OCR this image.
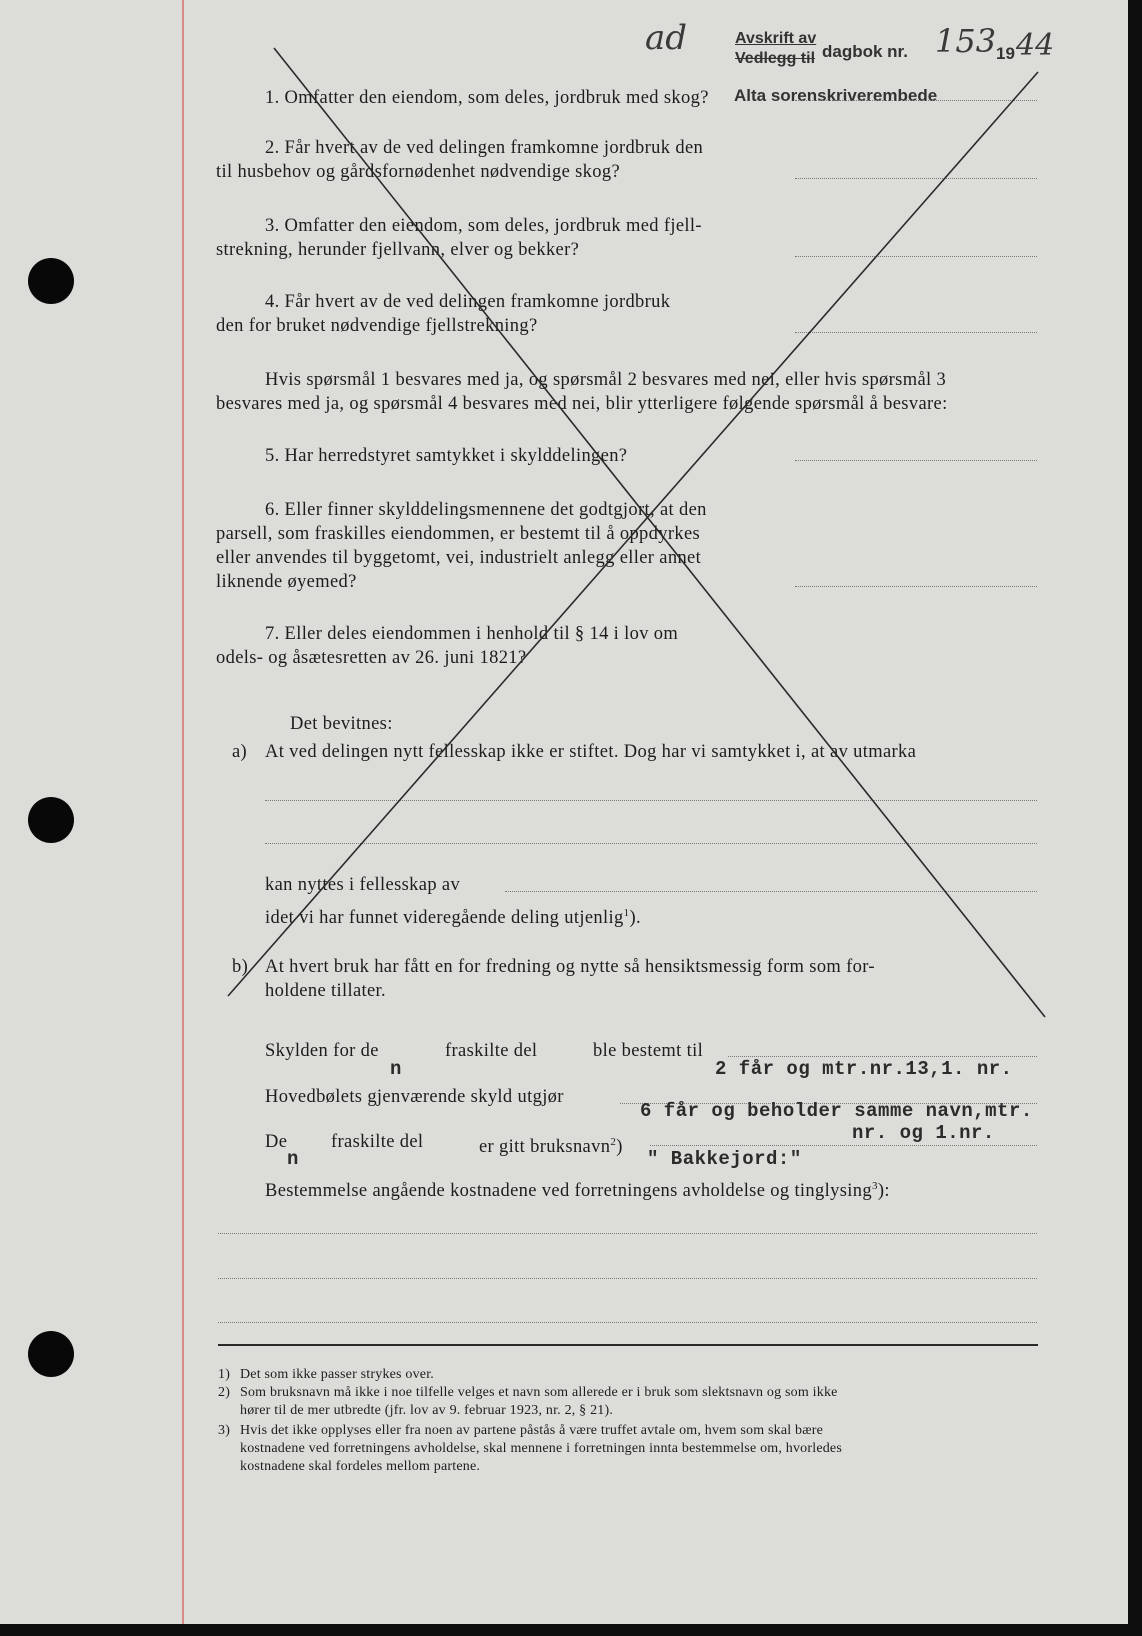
ad	Avskrift av
Vedlegg til dagbok nr. 153 19 44
Alta sorenskriverembede
1. Omfatter den eiendom, som deles, jordbruk med skog?
2. Får hvert av de ved delingen framkomne jordbruk den
til husbehov og gårdsfornødenhet nødvendige skog?
3. Omfatter den eiendom, som deles, jordbruk med fjell-
strekning, herunder fjellvann, elver og bekker?
4. Får hvert av de ved delingen framkomne jordbruk
den for bruket nødvendige fjellstrekning?
Hvis spørsmål 1 besvares med ja, og spørsmål 2 besvares med nei, eller hvis spørsmål 3
besvares med ja, og spørsmål 4 besvares med nei, blir ytterligere følgende spørsmål å besvare:
5. Har herredstyret samtykket i skylddelingen?
6. Eller finner skylddelingsmennene det godtgjort, at den
parsell, som fraskilles eiendommen, er bestemt til å oppdyrkes
eller anvendes til byggetomt, vei, industrielt anlegg eller annet
liknende øyemed?
7. Eller deles eiendommen i henhold til § 14 i lov om
odels- og åsætesretten av 26. juni 1821?
Det bevitnes:
a) At ved delingen nytt fellesskap ikke er stiftet. Dog har vi samtykket i, at av utmarka
kan nyttes i fellesskap av
idet vi har funnet videregående deling utjenlig$^1$).
b) At hvert bruk har fått en for fredning og nytte så hensiktsmessig form som for-
holdene tillater.
Skylden for de	fraskilte del	ble bestemt til
n	2 får og mtr.nr.13,1. nr.
Hovedbølets gjenværende skyld utgjør
6 får og beholder samme navn,mtr.
De fraskilte del	er gitt bruksnavn$^2$)
nr. og 1.nr.
n	" Bakkejord:"
Bestemmelse angående kostnadene ved forretningens avholdelse og tinglysing$^3$):
1) Det som ikke passer strykes over.
2) Som bruksnavn må ikke i noe tilfelle velges et navn som allerede er i bruk som slektsnavn og som ikke
hører til de mer utbredte (jfr. lov av 9. februar 1923, nr. 2, § 21).
3) Hvis det ikke opplyses eller fra noen av partene påstås å være truffet avtale om, hvem som skal bære
kostnadene ved forretningens avholdelse, skal mennene i forretningen innta bestemmelse om, hvorledes
kostnadene skal fordeles mellom partene.
